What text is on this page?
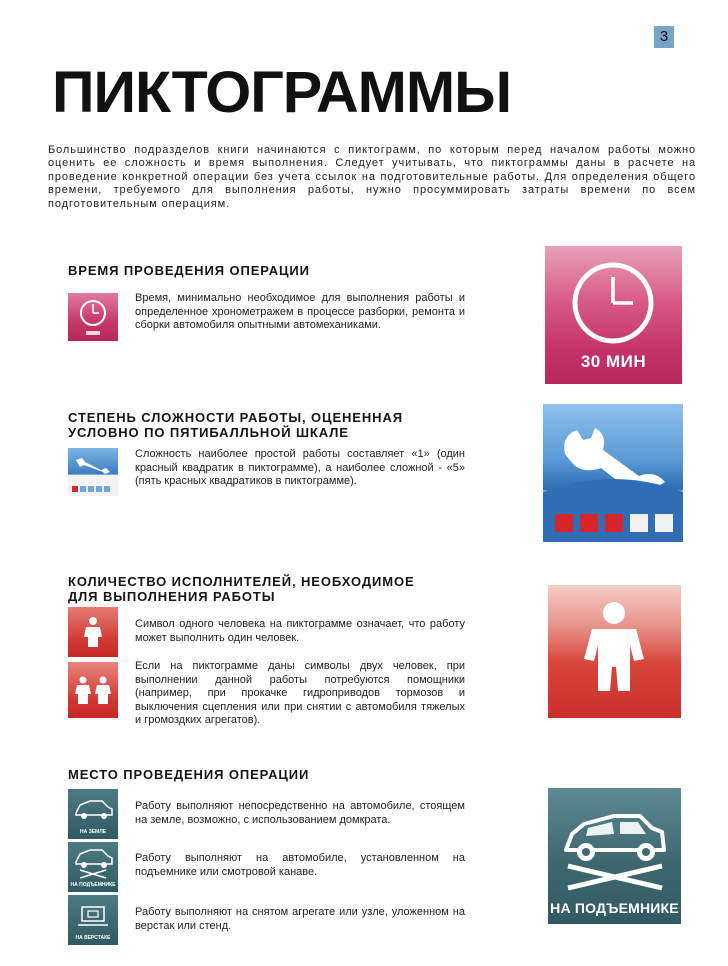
3
ПИКТОГРАММЫ
Большинство подразделов книги начинаются с пиктограмм, по которым перед началом работы можно оценить ее сложность и время выполнения. Следует учитывать, что пиктограммы даны в расчете на проведение конкретной операции без учета ссылок на подготовительные работы. Для определения общего времени, требуемого для выполнения работы, нужно просуммировать затраты времени по всем подготовительным операциям.
ВРЕМЯ ПРОВЕДЕНИЯ ОПЕРАЦИИ
Время, минимально необходимое для выполнения работы и определенное хронометражем в процессе разборки, ремонта и сборки автомобиля опытными автомеханиками.
30 МИН
СТЕПЕНЬ СЛОЖНОСТИ РАБОТЫ, ОЦЕНЕННАЯ
УСЛОВНО ПО ПЯТИБАЛЛЬНОЙ ШКАЛЕ
Сложность наиболее простой работы составляет «1» (один красный квадратик в пиктограмме), а наиболее сложной - «5» (пять красных квадратиков в пиктограмме).
КОЛИЧЕСТВО ИСПОЛНИТЕЛЕЙ, НЕОБХОДИМОЕ
ДЛЯ ВЫПОЛНЕНИЯ РАБОТЫ
Символ одного человека на пиктограмме означает, что работу может выполнить один человек.
Если на пиктограмме даны символы двух человек, при выполнении данной работы потребуются помощники (например, при прокачке гидроприводов тормозов и выключения сцепления или при снятии с автомобиля тяжелых и громоздких агрегатов).
МЕСТО ПРОВЕДЕНИЯ ОПЕРАЦИИ
НА ЗЕМЛЕ
НА ПОДЪЕМНИКЕ
НА ВЕРСТАКЕ
Работу выполняют непосредственно на автомобиле, стоящем на земле, возможно, с использованием домкрата.
Работу выполняют на автомобиле, установленном на подъемнике или смотровой канаве.
Работу выполняют на снятом агрегате или узле, уложенном на верстак или стенд.
НА ПОДЪЕМНИКЕ
